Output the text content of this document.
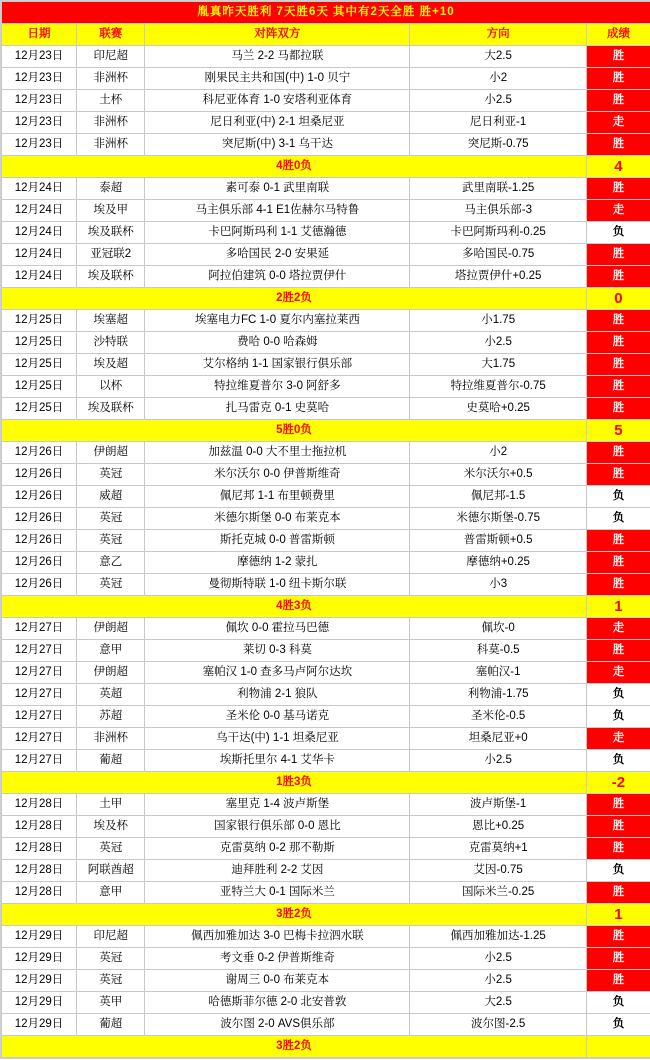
胤真昨天胜利 7天胜6天 其中有2天全胜 胜+10				
日期	联赛	对阵双方	方向	成绩
12月23日	印尼超	马兰 2-2 马都拉联	大2.5	胜
12月23日	非洲杯	刚果民主共和国(中) 1-0 贝宁	小2	胜
12月23日	土杯	科尼亚体育 1-0 安塔利亚体育	小2.5	胜
12月23日	非洲杯	尼日利亚(中) 2-1 坦桑尼亚	尼日利亚-1	走
12月23日	非洲杯	突尼斯(中) 3-1 乌干达	突尼斯-0.75	胜
4胜0负				4
12月24日	泰超	素可泰 0-1 武里南联	武里南联-1.25	胜
12月24日	埃及甲	马主俱乐部 4-1 E1佐赫尔马特鲁	马主俱乐部-3	走
12月24日	埃及联杯	卡巴阿斯玛利 1-1 艾德瀚德	卡巴阿斯玛利-0.25	负
12月24日	亚冠联2	多哈国民 2-0 安果延	多哈国民-0.75	胜
12月24日	埃及联杯	阿拉伯建筑 0-0 塔拉贾伊什	塔拉贾伊什+0.25	胜
2胜2负				0
12月25日	埃塞超	埃塞电力FC 1-0 夏尔内塞拉莱西	小1.75	胜
12月25日	沙特联	费哈 0-0 哈森姆	小2.5	胜
12月25日	埃及超	艾尔格纳 1-1 国家银行俱乐部	大1.75	胜
12月25日	以杯	特拉维夏普尔 3-0 阿舒多	特拉维夏普尔-0.75	胜
12月25日	埃及联杯	扎马雷克 0-1 史莫哈	史莫哈+0.25	胜
5胜0负				5
12月26日	伊朗超	加兹温 0-0 大不里士拖拉机	小2	胜
12月26日	英冠	米尔沃尔 0-0 伊普斯维奇	米尔沃尔+0.5	胜
12月26日	威超	佩尼邦 1-1 布里顿费里	佩尼邦-1.5	负
12月26日	英冠	米德尔斯堡 0-0 布莱克本	米德尔斯堡-0.75	负
12月26日	英冠	斯托克城 0-0 普雷斯顿	普雷斯顿+0.5	胜
12月26日	意乙	摩德纳 1-2 蒙扎	摩德纳+0.25	胜
12月26日	英冠	曼彻斯特联 1-0 纽卡斯尔联	小3	胜
4胜3负				1
12月27日	伊朗超	佩坎 0-0 霍拉马巴德	佩坎-0	走
12月27日	意甲	莱切 0-3 科莫	科莫-0.5	胜
12月27日	伊朗超	塞帕汉 1-0 查多马卢阿尔达坎	塞帕汉-1	走
12月27日	英超	利物浦 2-1 狼队	利物浦-1.75	负
12月27日	苏超	圣米伦 0-0 基马诺克	圣米伦-0.5	负
12月27日	非洲杯	乌干达(中) 1-1 坦桑尼亚	坦桑尼亚+0	走
12月27日	葡超	埃斯托里尔 4-1 艾华卡	小2.5	负
1胜3负				-2
12月28日	土甲	塞里克 1-4 波卢斯堡	波卢斯堡-1	胜
12月28日	埃及杯	国家银行俱乐部 0-0 恩比	恩比+0.25	胜
12月28日	英冠	克雷莫纳 0-2 那不勒斯	克雷莫纳+1	胜
12月28日	阿联酋超	迪拜胜利 2-2 艾因	艾因-0.75	负
12月28日	意甲	亚特兰大 0-1 国际米兰	国际米兰-0.25	胜
3胜2负				1
12月29日	印尼超	佩西加雅加达 3-0 巴梅卡拉泗水联	佩西加雅加达-1.25	胜
12月29日	英冠	考文垂 0-2 伊普斯维奇	小2.5	胜
12月29日	英冠	谢周三 0-0 布莱克本	小2.5	胜
12月29日	英甲	哈德斯菲尔德 2-0 北安普敦	大2.5	负
12月29日	葡超	波尔图 2-0 AVS俱乐部	波尔图-2.5	负
3胜2负				
